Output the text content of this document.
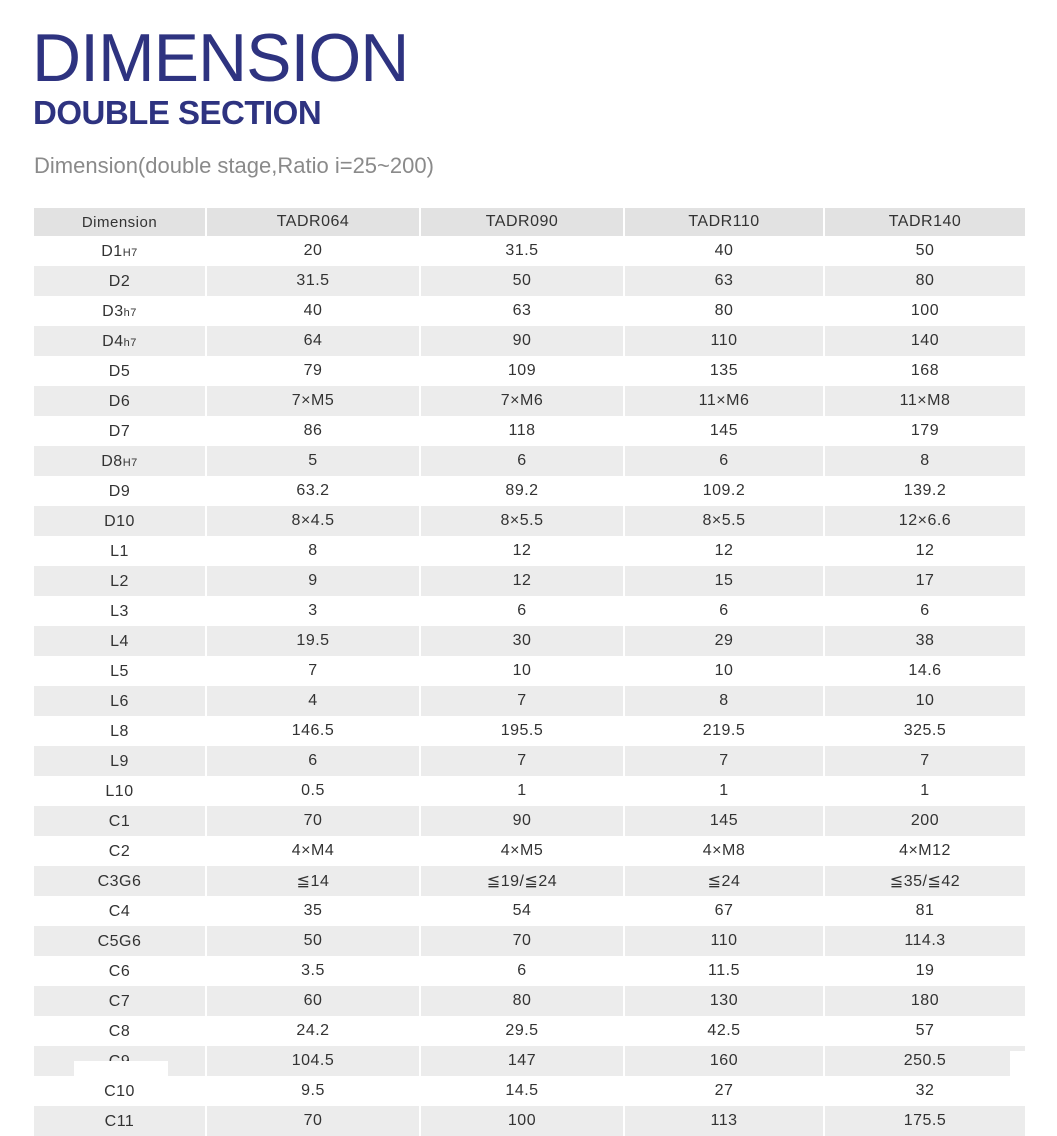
DIMENSION
DOUBLE SECTION

Dimension(double stage,Ratio i=25~200)

Dimension	TADR064	TADR090	TADR110	TADR140
D1H7	20	31.5	40	50
D2	31.5	50	63	80
D3h7	40	63	80	100
D4h7	64	90	110	140
D5	79	109	135	168
D6	7×M5	7×M6	11×M6	11×M8
D7	86	118	145	179
D8H7	5	6	6	8
D9	63.2	89.2	109.2	139.2
D10	8×4.5	8×5.5	8×5.5	12×6.6
L1	8	12	12	12
L2	9	12	15	17
L3	3	6	6	6
L4	19.5	30	29	38
L5	7	10	10	14.6
L6	4	7	8	10
L8	146.5	195.5	219.5	325.5
L9	6	7	7	7
L10	0.5	1	1	1
C1	70	90	145	200
C2	4×M4	4×M5	4×M8	4×M12
C3G6	≦14	≦19/≦24	≦24	≦35/≦42
C4	35	54	67	81
C5G6	50	70	110	114.3
C6	3.5	6	11.5	19
C7	60	80	130	180
C8	24.2	29.5	42.5	57
	104.5	147	160	250.5
C10	9.5	14.5	27	32
C11	70	100	113	175.5
